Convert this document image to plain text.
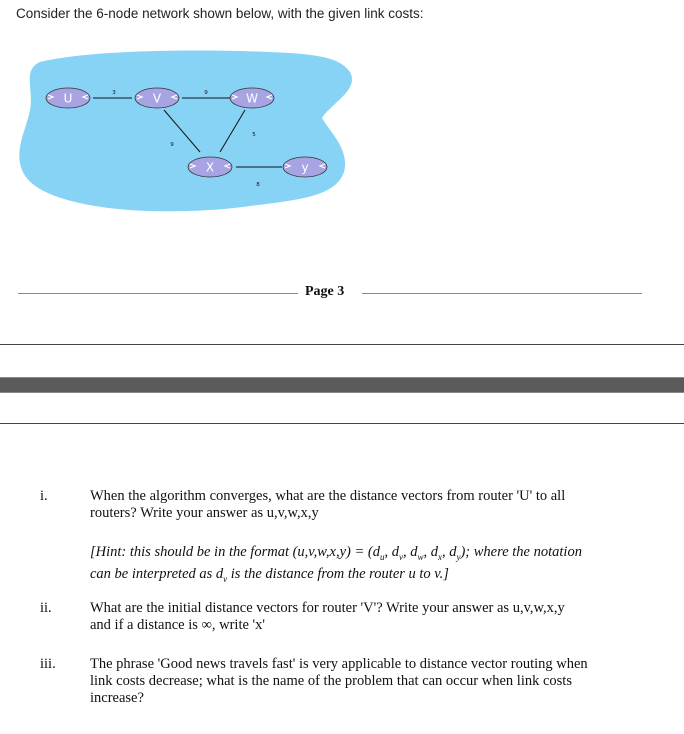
Consider the 6-node network shown below, with the given link costs:
3	9
9
5
8
U	V	W
X	y
Page 3
i.	When the algorithm converges, what are the distance vectors from router 'U' to all
routers? Write your answer as u,v,w,x,y
[Hint: this should be in the format $(u,v,w,x,y) = (d_u$, $d_v$, $d_w$, $d_x$, $d_y$); where the notation
can be interpreted as $d_v$ is the distance from the router u to v.]
ii.	What are the initial distance vectors for router 'V'? Write your answer as u,v,w,x,y
and if a distance is ∞, write 'x'
iii. The phrase 'Good news travels fast' is very applicable to distance vector routing when
link costs decrease; what is the name of the problem that can occur when link costs
increase?
